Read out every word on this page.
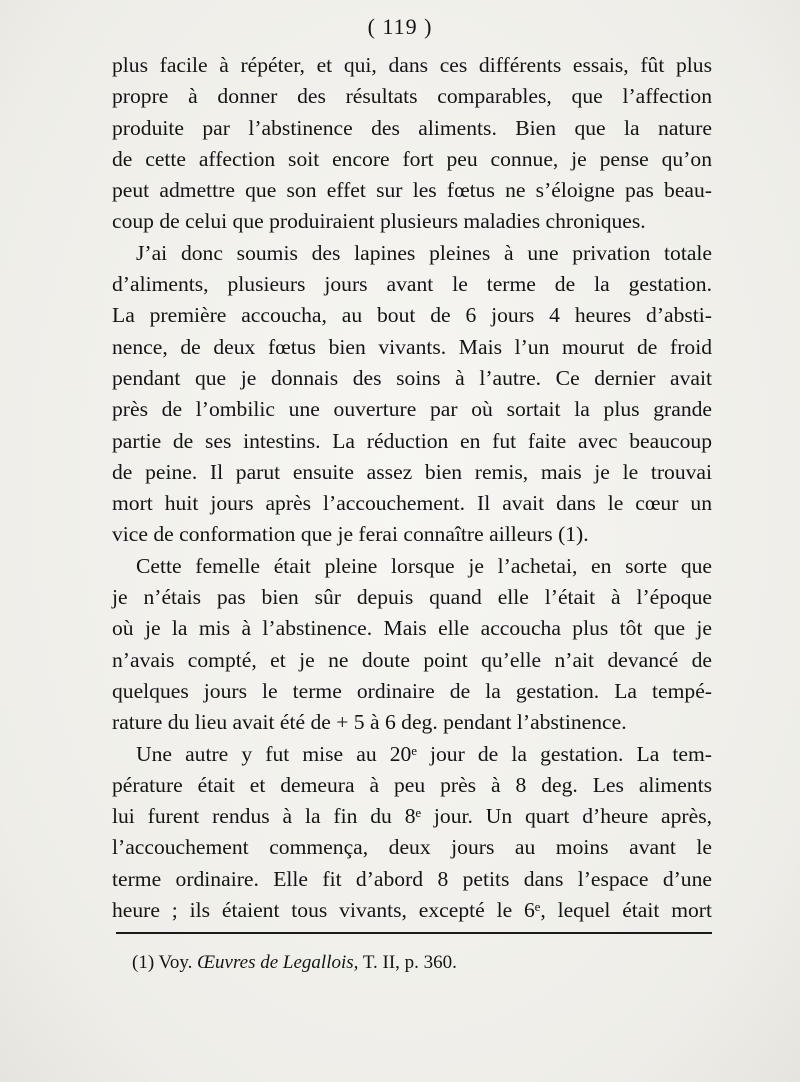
( 119 )
plus facile à répéter, et qui, dans ces différents essais, fût plus
propre à donner des résultats comparables, que l’affection
produite par l’abstinence des aliments. Bien que la nature
de cette affection soit encore fort peu connue, je pense qu’on
peut admettre que son effet sur les fœtus ne s’éloigne pas beau-
coup de celui que produiraient plusieurs maladies chroniques.
J’ai donc soumis des lapines pleines à une privation totale
d’aliments, plusieurs jours avant le terme de la gestation.
La première accoucha, au bout de 6 jours 4 heures d’absti-
nence, de deux fœtus bien vivants. Mais l’un mourut de froid
pendant que je donnais des soins à l’autre. Ce dernier avait
près de l’ombilic une ouverture par où sortait la plus grande
partie de ses intestins. La réduction en fut faite avec beaucoup
de peine. Il parut ensuite assez bien remis, mais je le trouvai
mort huit jours après l’accouchement. Il avait dans le cœur un
vice de conformation que je ferai connaître ailleurs (1).
Cette femelle était pleine lorsque je l’achetai, en sorte que
je n’étais pas bien sûr depuis quand elle l’était à l’époque
où je la mis à l’abstinence. Mais elle accoucha plus tôt que je
n’avais compté, et je ne doute point qu’elle n’ait devancé de
quelques jours le terme ordinaire de la gestation. La tempé-
rature du lieu avait été de + 5 à 6 deg. pendant l’abstinence.
Une autre y fut mise au 20ᵉ jour de la gestation. La tem-
pérature était et demeura à peu près à 8 deg. Les aliments
lui furent rendus à la fin du 8ᵉ jour. Un quart d’heure après,
l’accouchement commença, deux jours au moins avant le
terme ordinaire. Elle fit d’abord 8 petits dans l’espace d’une
heure ; ils étaient tous vivants, excepté le 6ᵉ, lequel était mort
(1) Voy. Œuvres de Legallois, T. II, p. 360.
